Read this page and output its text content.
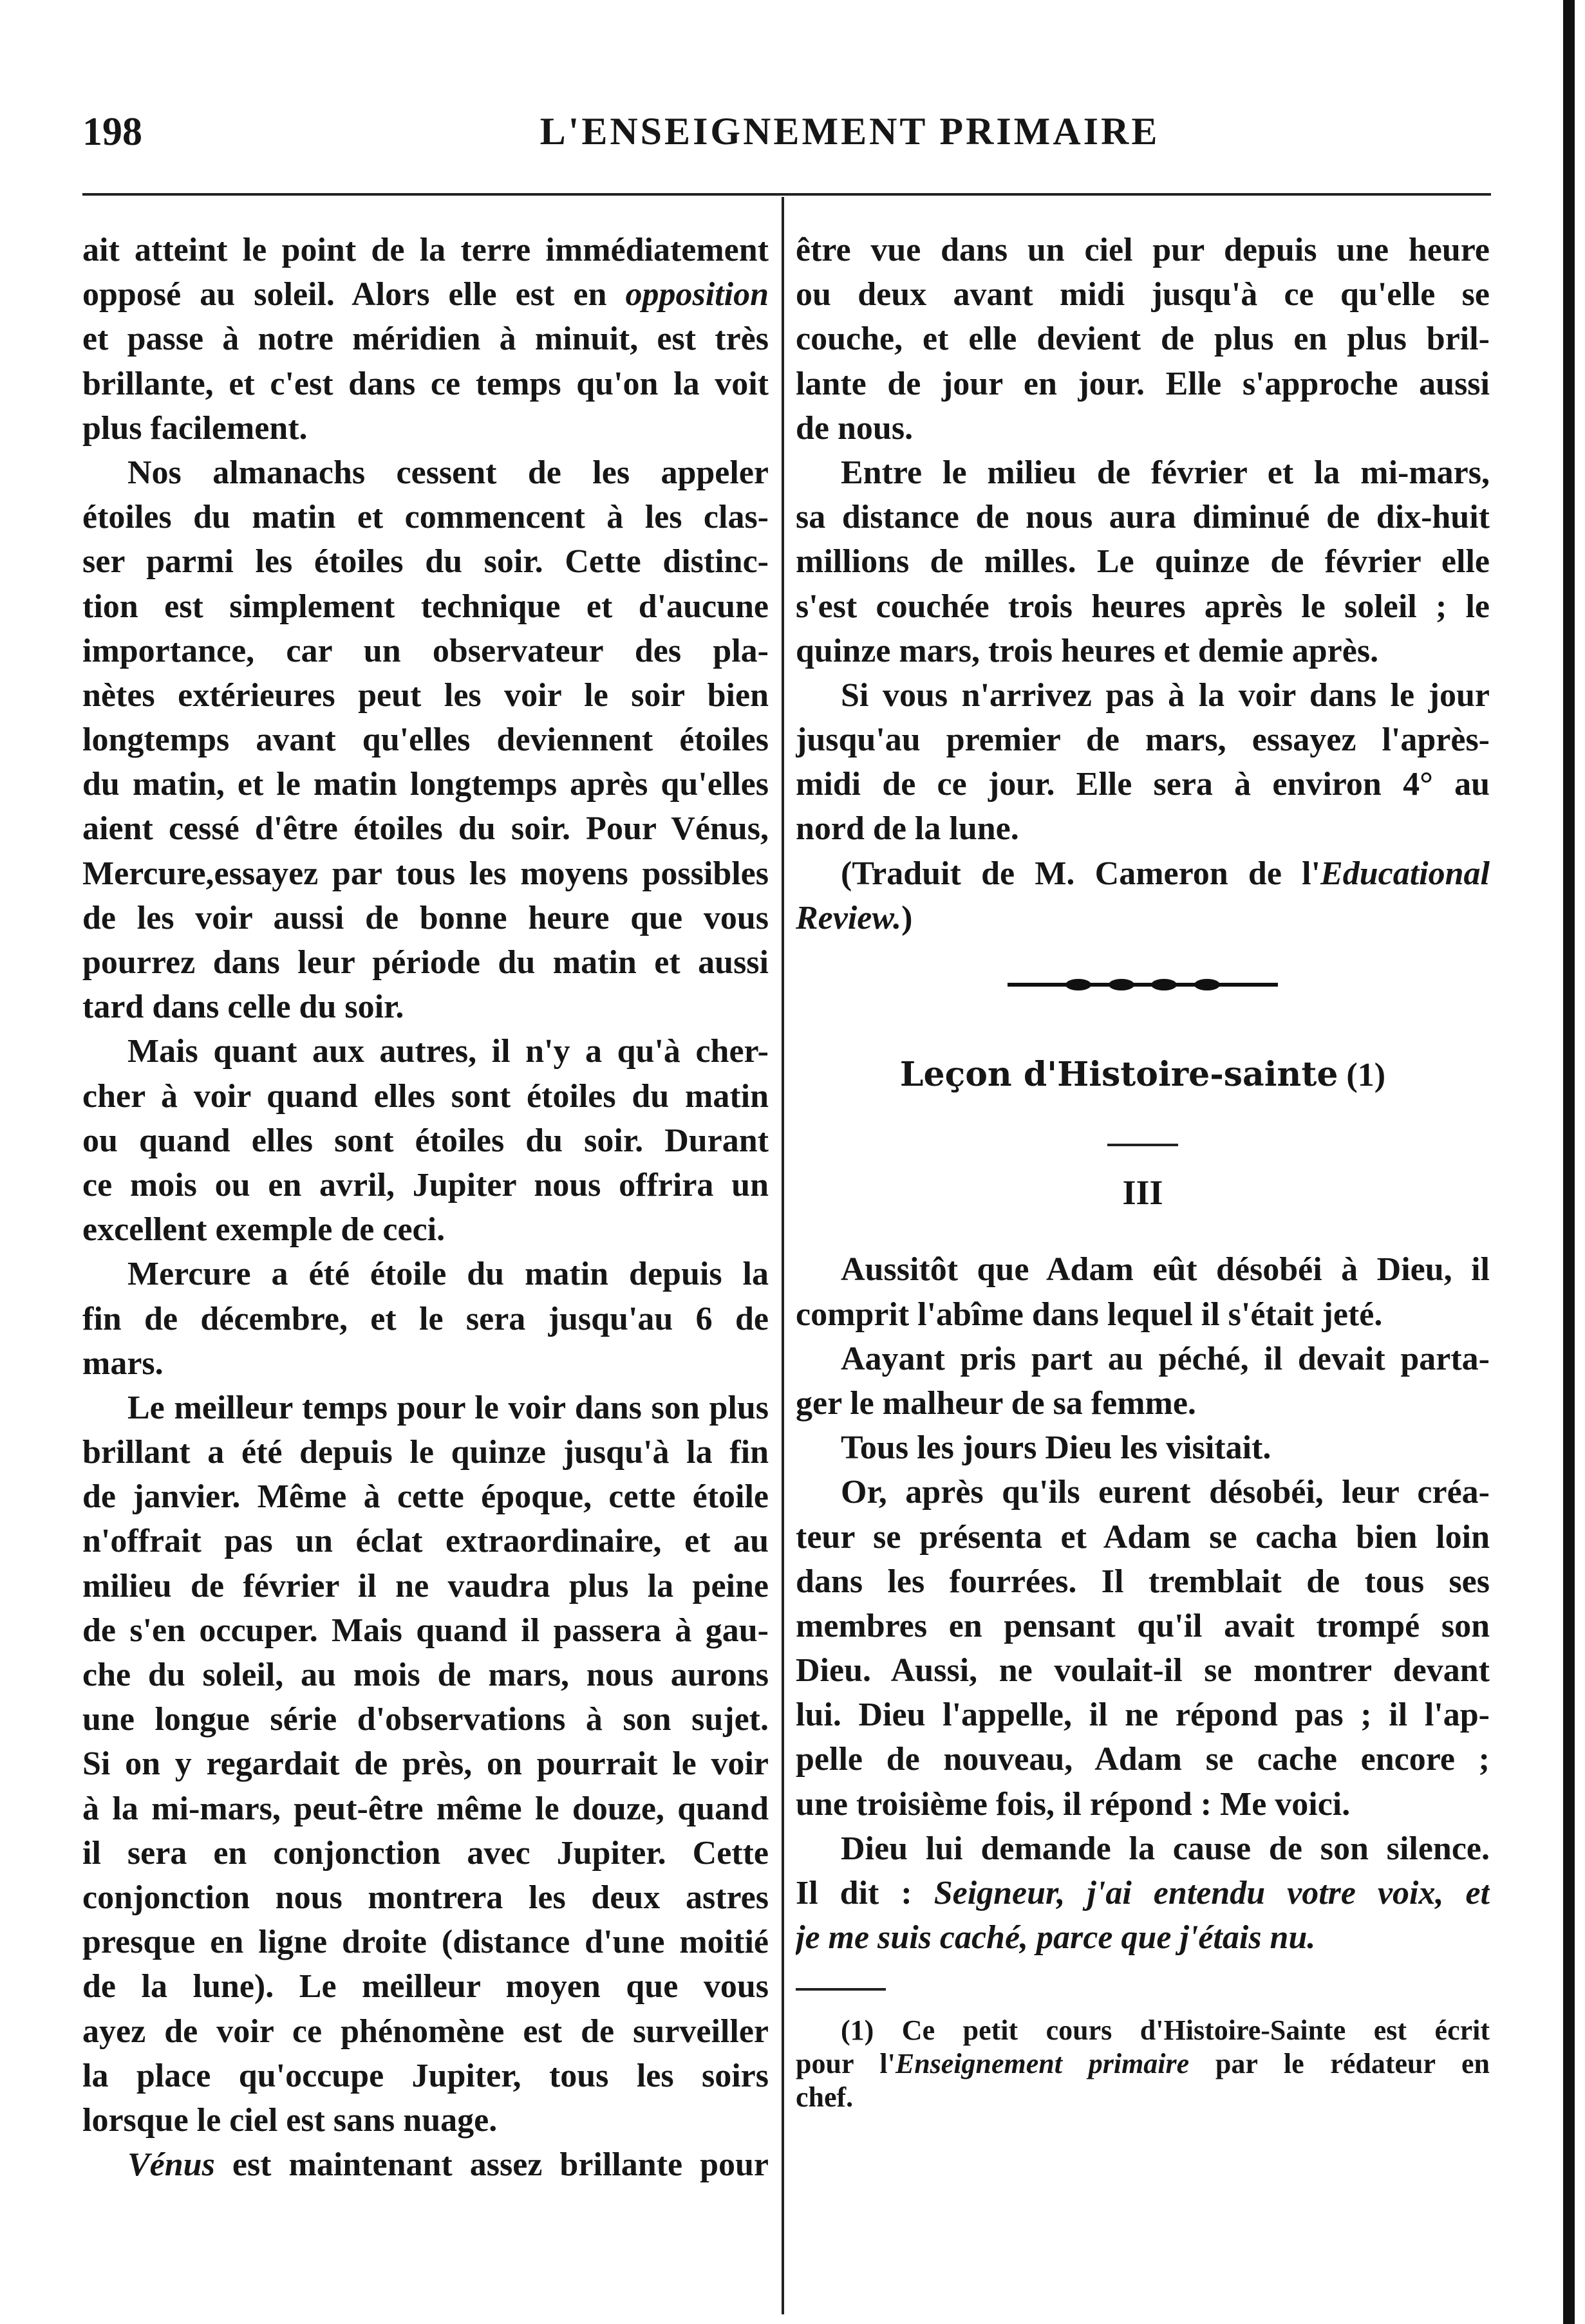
198	L'ENSEIGNEMENT PRIMAIRE
ait atteint le point de la terre immédiatement
opposé au soleil. Alors elle est en opposition
et passe à notre méridien à minuit, est très
brillante, et c'est dans ce temps qu'on la voit
plus facilement.
Nos almanachs cessent de les appeler
étoiles du matin et commencent à les clas-
ser parmi les étoiles du soir. Cette distinc-
tion est simplement technique et d'aucune
importance, car un observateur des pla-
nètes extérieures peut les voir le soir bien
longtemps avant qu'elles deviennent étoiles
du matin, et le matin longtemps après qu'elles
aient cessé d'être étoiles du soir. Pour Vénus,
Mercure,essayez par tous les moyens possibles
de les voir aussi de bonne heure que vous
pourrez dans leur période du matin et aussi
tard dans celle du soir.
Mais quant aux autres, il n'y a qu'à cher-
cher à voir quand elles sont étoiles du matin
ou quand elles sont étoiles du soir. Durant
ce mois ou en avril, Jupiter nous offrira un
excellent exemple de ceci.
Mercure a été étoile du matin depuis la
fin de décembre, et le sera jusqu'au 6 de
mars.
Le meilleur temps pour le voir dans son plus
brillant a été depuis le quinze jusqu'à la fin
de janvier. Même à cette époque, cette étoile
n'offrait pas un éclat extraordinaire, et au
milieu de février il ne vaudra plus la peine
de s'en occuper. Mais quand il passera à gau-
che du soleil, au mois de mars, nous aurons
une longue série d'observations à son sujet.
Si on y regardait de près, on pourrait le voir
à la mi-mars, peut-être même le douze, quand
il sera en conjonction avec Jupiter. Cette
conjonction nous montrera les deux astres
presque en ligne droite (distance d'une moitié
de la lune). Le meilleur moyen que vous
ayez de voir ce phénomène est de surveiller
la place qu'occupe Jupiter, tous les soirs
lorsque le ciel est sans nuage.
Vénus est maintenant assez brillante pour
être vue dans un ciel pur depuis une heure
ou deux avant midi jusqu'à ce qu'elle se
couche, et elle devient de plus en plus bril-
lante de jour en jour. Elle s'approche aussi
de nous.
Entre le milieu de février et la mi-mars,
sa distance de nous aura diminué de dix-huit
millions de milles. Le quinze de février elle
s'est couchée trois heures après le soleil ; le
quinze mars, trois heures et demie après.
Si vous n'arrivez pas à la voir dans le jour
jusqu'au premier de mars, essayez l'après-
midi de ce jour. Elle sera à environ 4° au
nord de la lune.
(Traduit de M. Cameron de l'Educational
Review.)
Leçon d'Histoire-sainte (1)
III
Aussitôt que Adam eût désobéi à Dieu, il
comprit l'abîme dans lequel il s'était jeté.
Aayant pris part au péché, il devait parta-
ger le malheur de sa femme.
Tous les jours Dieu les visitait.
Or, après qu'ils eurent désobéi, leur créa-
teur se présenta et Adam se cacha bien loin
dans les fourrées. Il tremblait de tous ses
membres en pensant qu'il avait trompé son
Dieu. Aussi, ne voulait-il se montrer devant
lui. Dieu l'appelle, il ne répond pas ; il l'ap-
pelle de nouveau, Adam se cache encore ;
une troisième fois, il répond : Me voici.
Dieu lui demande la cause de son silence.
Il dit : Seigneur, j'ai entendu votre voix, et
je me suis caché, parce que j'étais nu.
(1) Ce petit cours d'Histoire-Sainte est écrit
pour l'Enseignement primaire par le rédateur en
chef.
